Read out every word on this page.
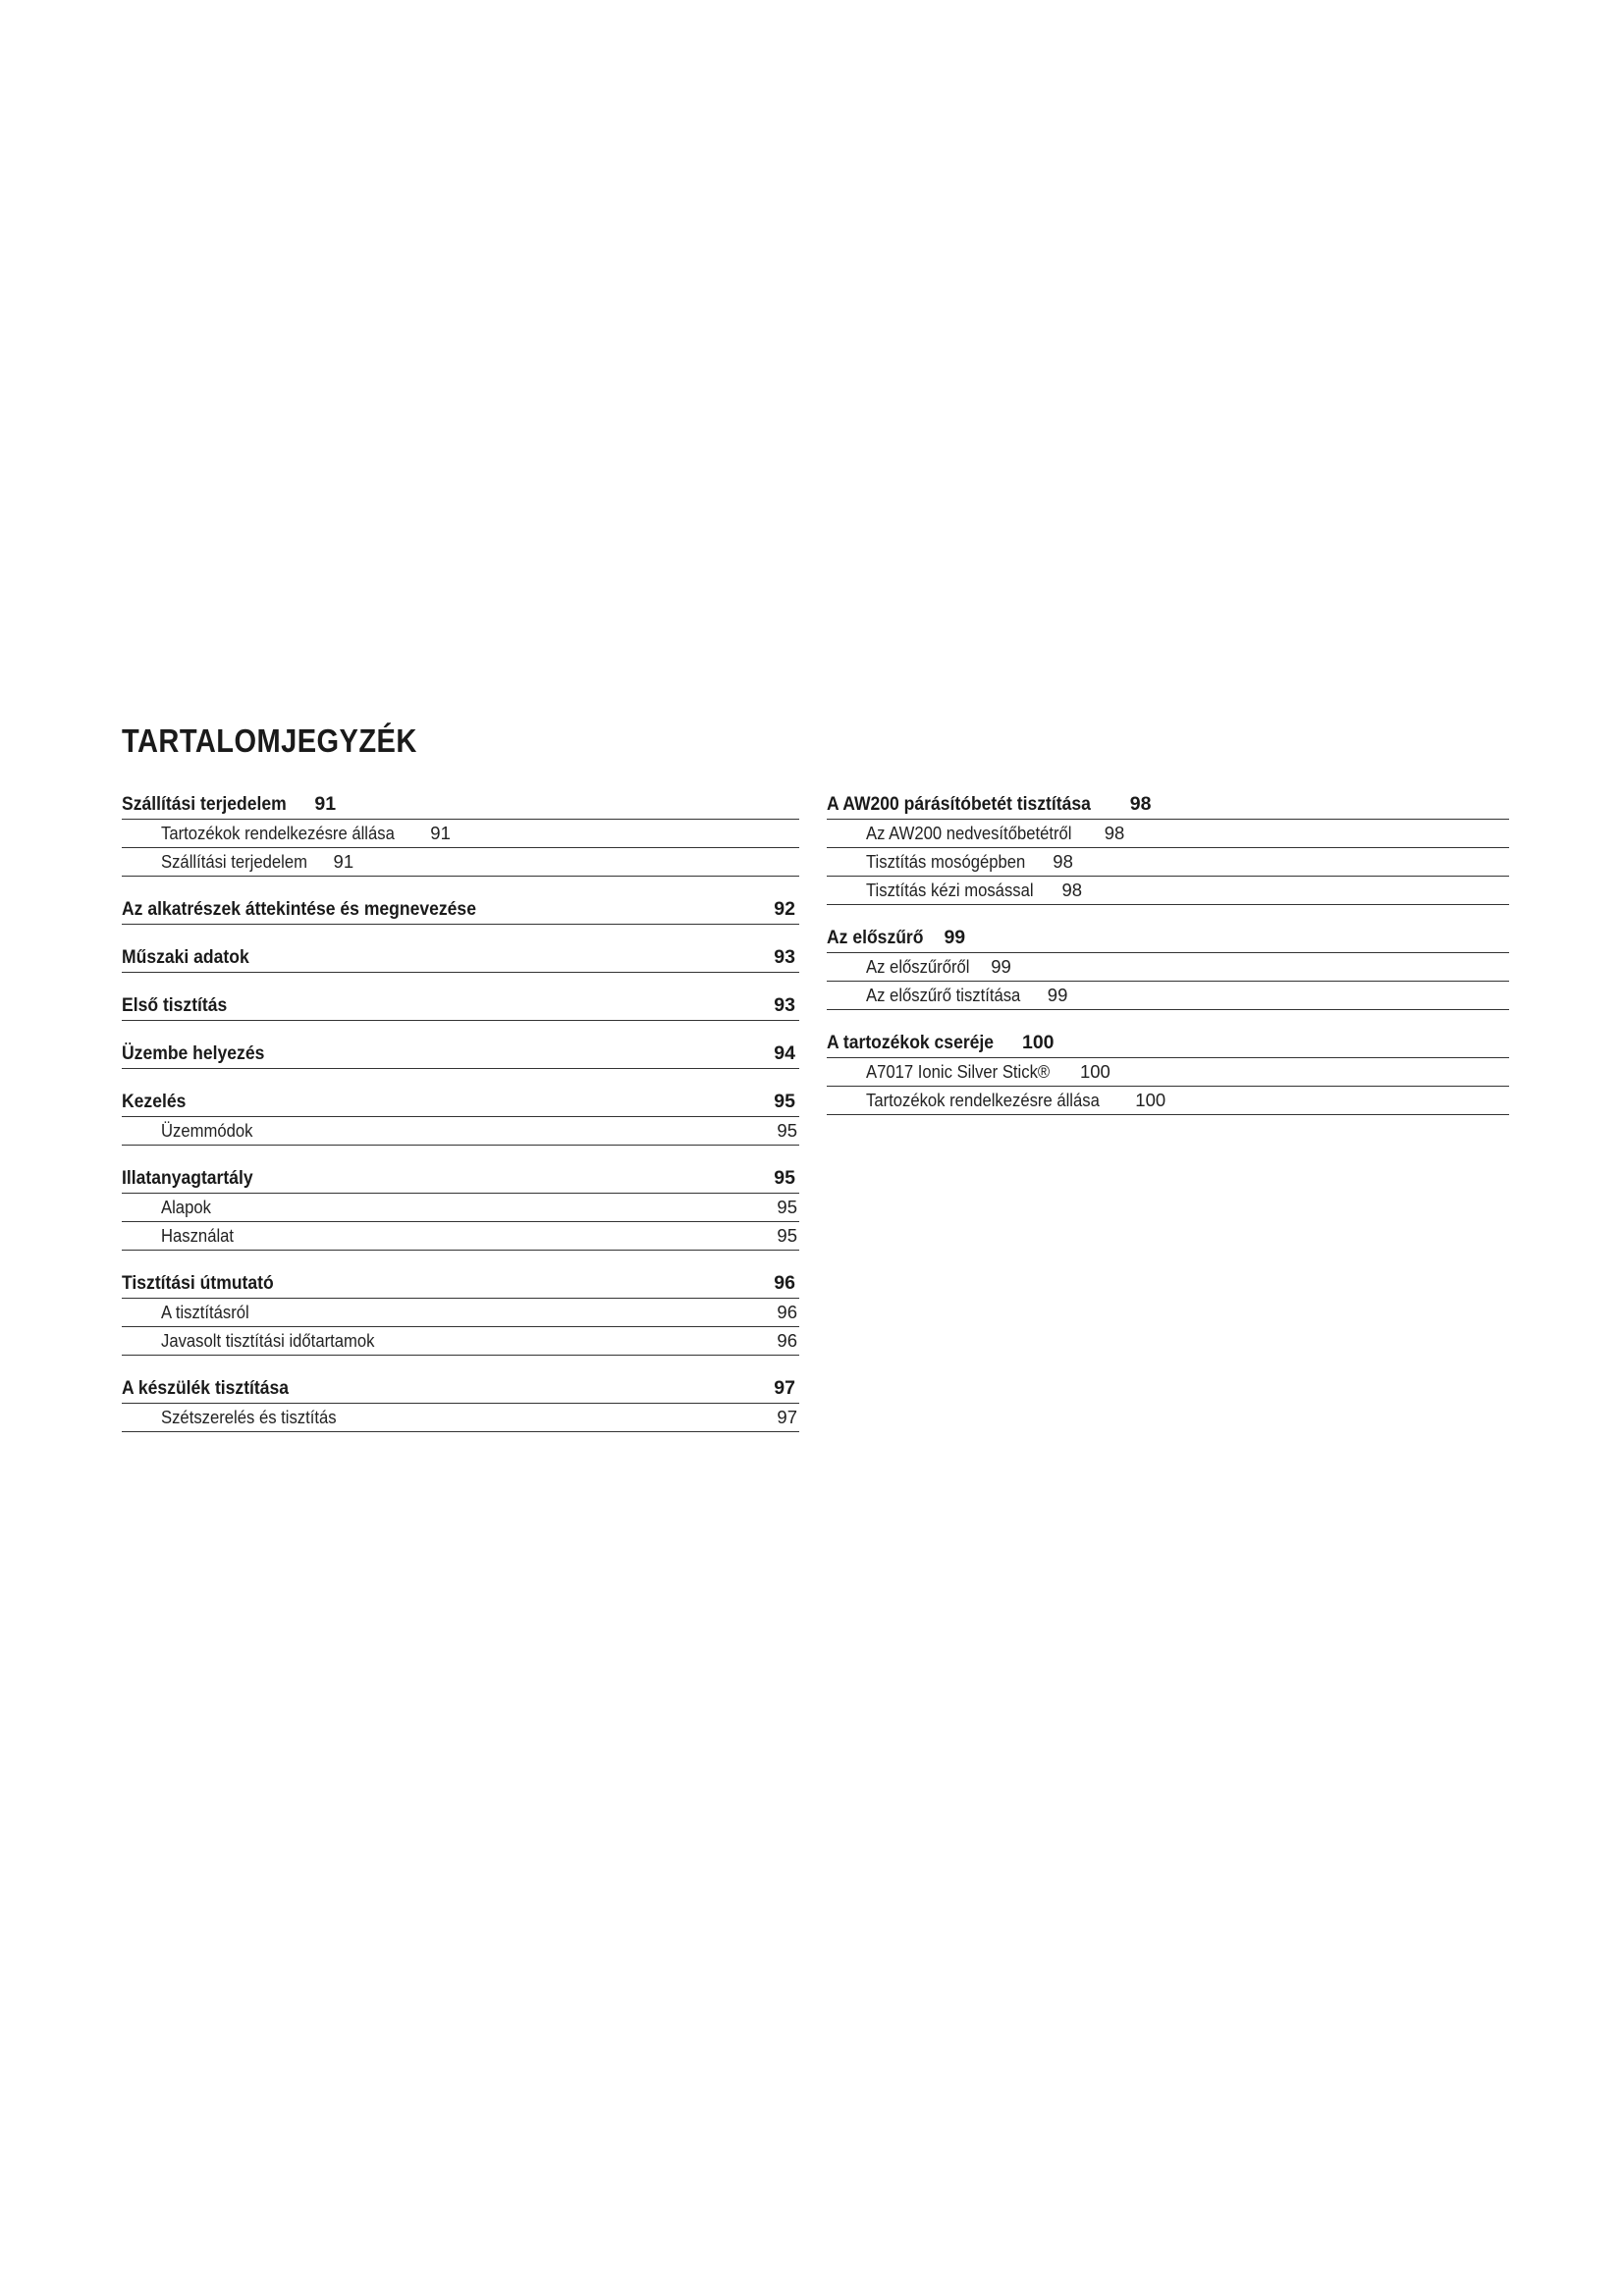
TARTALOMJEGYZÉK
Szállítási terjedelem 91
Tartozékok rendelkezésre állása 91
Szállítási terjedelem 91
Az alkatrészek áttekintése és megnevezése	92
Műszaki adatok	93
Első tisztítás	93
Üzembe helyezés	94
Kezelés	95
Üzemmódok	95
Illatanyagtartály	95
Alapok	95
Használat	95
Tisztítási útmutató	96
A tisztításról	96
Javasolt tisztítási időtartamok	96
A készülék tisztítása	97
Szétszerelés és tisztítás	97
A AW200 párásítóbetét tisztítása 98
Az AW200 nedvesítőbetétről 98
Tisztítás mosógépben 98
Tisztítás kézi mosással 98
Az előszűrő 99
Az előszűrőről 99
Az előszűrő tisztítása 99
A tartozékok cseréje 100
A7017 Ionic Silver Stick® 100
Tartozékok rendelkezésre állása 100
